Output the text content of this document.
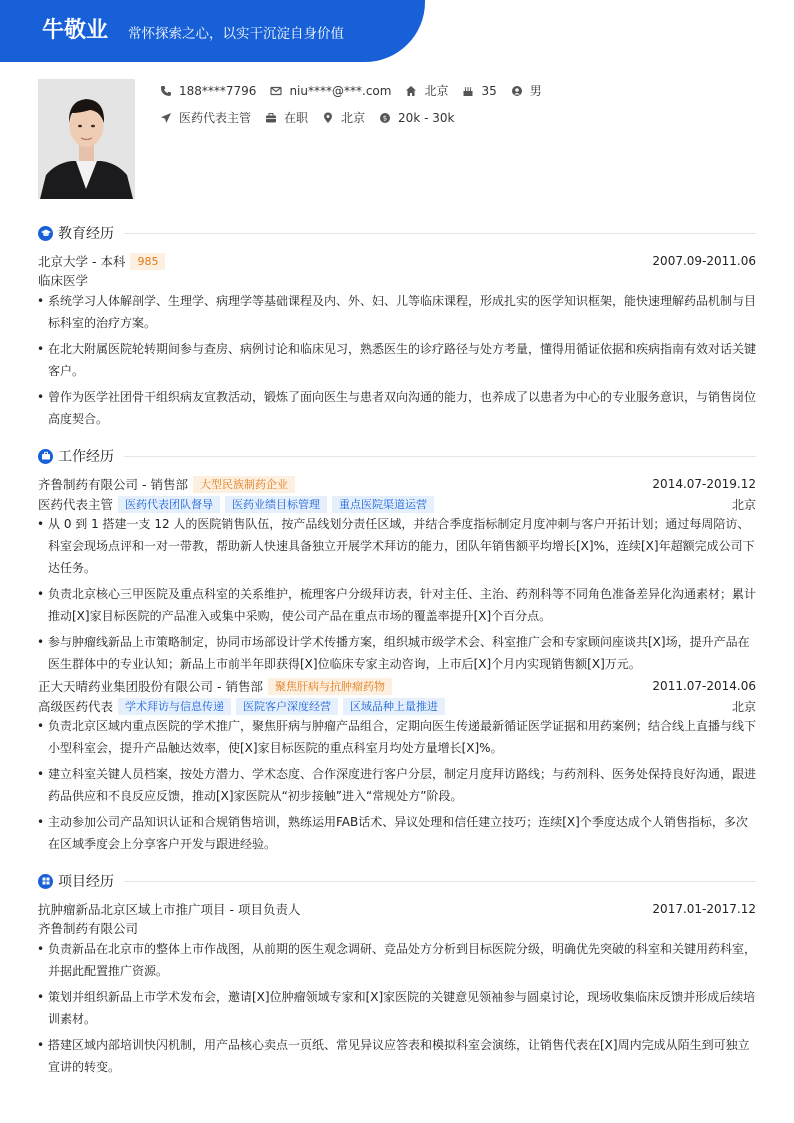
牛敬业 常怀探索之心，以实干沉淀自身价值
188****7796	niu****@***.com	北京	35	男
医药代表主管	在职	北京	$ 20k - 30k
教育经历
北京大学 - 本科	985	2007.09-2011.06
临床医学
• 系统学习人体解剖学、生理学、病理学等基础课程及内、外、妇、儿等临床课程，形成扎实的医学知识框架，能快速理解药品机制与目标科室的治疗方案。
• 在北大附属医院轮转期间参与查房、病例讨论和临床见习，熟悉医生的诊疗路径与处方考量，懂得用循证依据和疾病指南有效对话关键客户。
• 曾作为医学社团骨干组织病友宣教活动，锻炼了面向医生与患者双向沟通的能力，也养成了以患者为中心的专业服务意识，与销售岗位高度契合。
工作经历
齐鲁制药有限公司 - 销售部	大型民族制药企业	2014.07-2019.12
医药代表主管	医药代表团队督导	医药业绩目标管理	重点医院渠道运营	北京
• 从 0 到 1 搭建一支 12 人的医院销售队伍，按产品线划分责任区域，并结合季度指标制定月度冲刺与客户开拓计划；通过每周陪访、科室会现场点评和一对一带教，帮助新人快速具备独立开展学术拜访的能力，团队年销售额平均增长[X]%，连续[X]年超额完成公司下达任务。
• 负责北京核心三甲医院及重点科室的关系维护，梳理客户分级拜访表，针对主任、主治、药剂科等不同角色准备差异化沟通素材；累计推动[X]家目标医院的产品准入或集中采购，使公司产品在重点市场的覆盖率提升[X]个百分点。
• 参与肿瘤线新品上市策略制定，协同市场部设计学术传播方案，组织城市级学术会、科室推广会和专家顾问座谈共[X]场，提升产品在医生群体中的专业认知；新品上市前半年即获得[X]位临床专家主动咨询，上市后[X]个月内实现销售额[X]万元。
正大天晴药业集团股份有限公司 - 销售部	聚焦肝病与抗肿瘤药物	2011.07-2014.06
高级医药代表	学术拜访与信息传递	医院客户深度经营	区域品种上量推进	北京
• 负责北京区域内重点医院的学术推广，聚焦肝病与肿瘤产品组合，定期向医生传递最新循证医学证据和用药案例；结合线上直播与线下小型科室会，提升产品触达效率，使[X]家目标医院的重点科室月均处方量增长[X]%。
• 建立科室关键人员档案，按处方潜力、学术态度、合作深度进行客户分层，制定月度拜访路线；与药剂科、医务处保持良好沟通，跟进药品供应和不良反应反馈，推动[X]家医院从“初步接触”进入“常规处方”阶段。
• 主动参加公司产品知识认证和合规销售培训，熟练运用FAB话术、异议处理和信任建立技巧；连续[X]个季度达成个人销售指标，多次在区域季度会上分享客户开发与跟进经验。
项目经历
抗肿瘤新品北京区域上市推广项目 - 项目负责人	2017.01-2017.12
齐鲁制药有限公司
• 负责新品在北京市的整体上市作战图，从前期的医生观念调研、竞品处方分析到目标医院分级，明确优先突破的科室和关键用药科室，并据此配置推广资源。
• 策划并组织新品上市学术发布会，邀请[X]位肿瘤领域专家和[X]家医院的关键意见领袖参与圆桌讨论，现场收集临床反馈并形成后续培训素材。
• 搭建区域内部培训快闪机制，用产品核心卖点一页纸、常见异议应答表和模拟科室会演练，让销售代表在[X]周内完成从陌生到可独立宣讲的转变。
